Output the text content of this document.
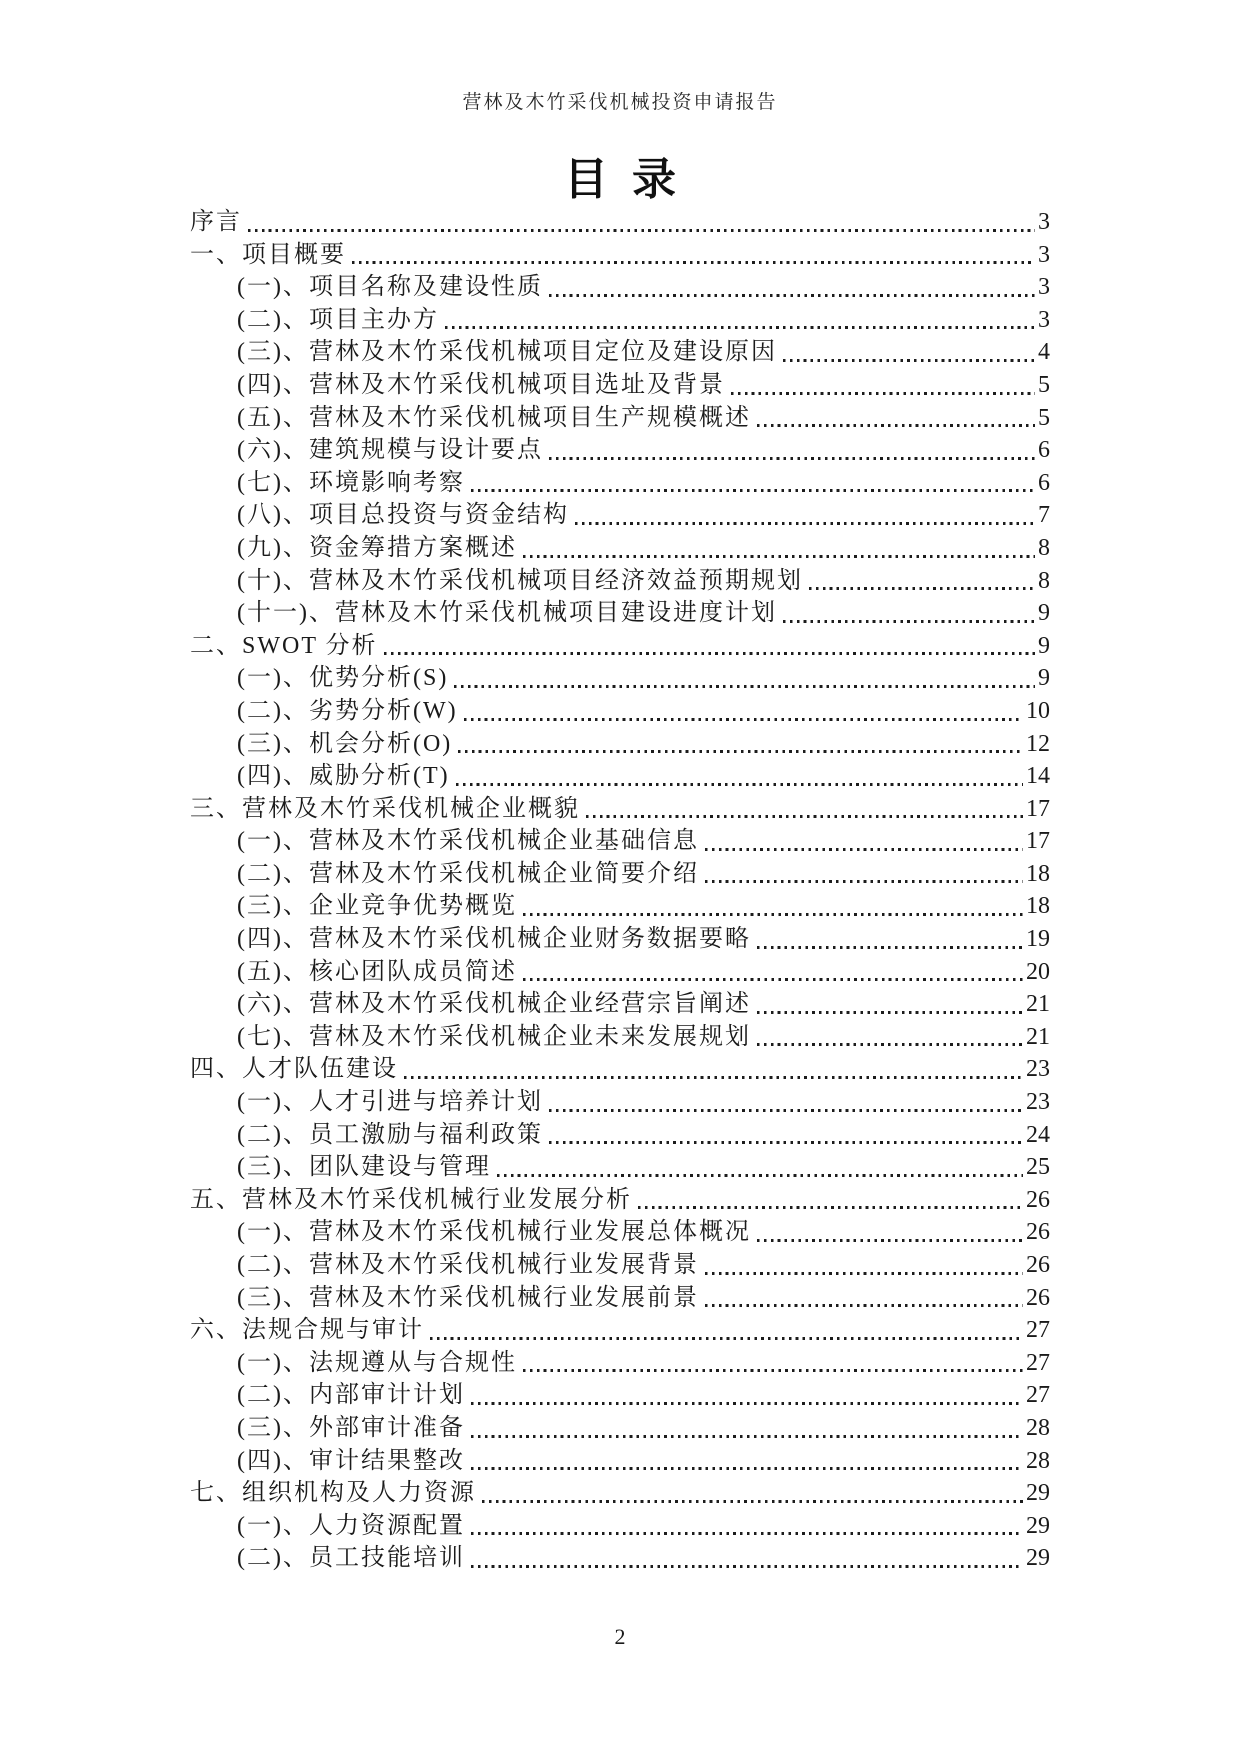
营林及木竹采伐机械投资申请报告
目录
序言	3
一、项目概要	3
(一)、项目名称及建设性质	3
(二)、项目主办方	3
(三)、营林及木竹采伐机械项目定位及建设原因	4
(四)、营林及木竹采伐机械项目选址及背景	5
(五)、营林及木竹采伐机械项目生产规模概述	5
(六)、建筑规模与设计要点	6
(七)、环境影响考察	6
(八)、项目总投资与资金结构	7
(九)、资金筹措方案概述	8
(十)、营林及木竹采伐机械项目经济效益预期规划	8
(十一)、营林及木竹采伐机械项目建设进度计划	9
二、SWOT 分析	9
(一)、优势分析(S)	9
(二)、劣势分析(W)	10
(三)、机会分析(O)	12
(四)、威胁分析(T)	14
三、营林及木竹采伐机械企业概貌	17
(一)、营林及木竹采伐机械企业基础信息	17
(二)、营林及木竹采伐机械企业简要介绍	18
(三)、企业竞争优势概览	18
(四)、营林及木竹采伐机械企业财务数据要略	19
(五)、核心团队成员简述	20
(六)、营林及木竹采伐机械企业经营宗旨阐述	21
(七)、营林及木竹采伐机械企业未来发展规划	21
四、人才队伍建设	23
(一)、人才引进与培养计划	23
(二)、员工激励与福利政策	24
(三)、团队建设与管理	25
五、营林及木竹采伐机械行业发展分析	26
(一)、营林及木竹采伐机械行业发展总体概况	26
(二)、营林及木竹采伐机械行业发展背景	26
(三)、营林及木竹采伐机械行业发展前景	26
六、法规合规与审计	27
(一)、法规遵从与合规性	27
(二)、内部审计计划	27
(三)、外部审计准备	28
(四)、审计结果整改	28
七、组织机构及人力资源	29
(一)、人力资源配置	29
(二)、员工技能培训	29
2
